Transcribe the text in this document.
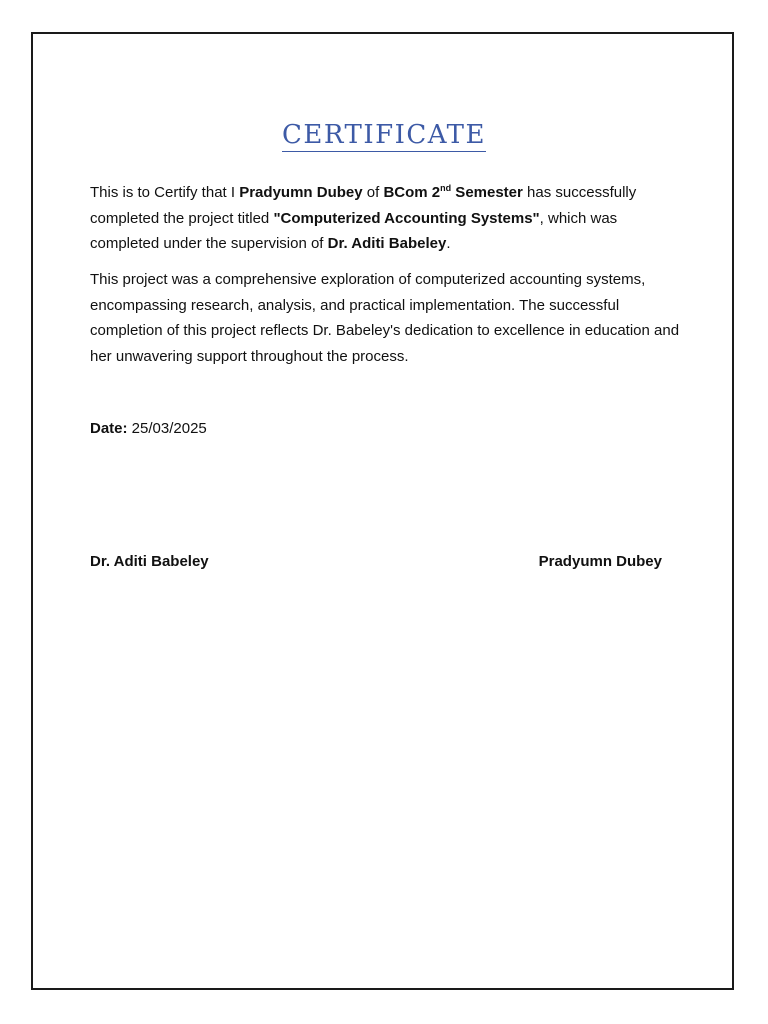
CERTIFICATE

This is to Certify that I Pradyumn Dubey of BCom 2nd Semester has successfully completed the project titled "Computerized Accounting Systems", which was completed under the supervision of Dr. Aditi Babeley.

This project was a comprehensive exploration of computerized accounting systems, encompassing research, analysis, and practical implementation. The successful completion of this project reflects Dr. Babeley's dedication to excellence in education and her unwavering support throughout the process.

Date: 25/03/2025
Dr. Aditi Babeley	Pradyumn Dubey
